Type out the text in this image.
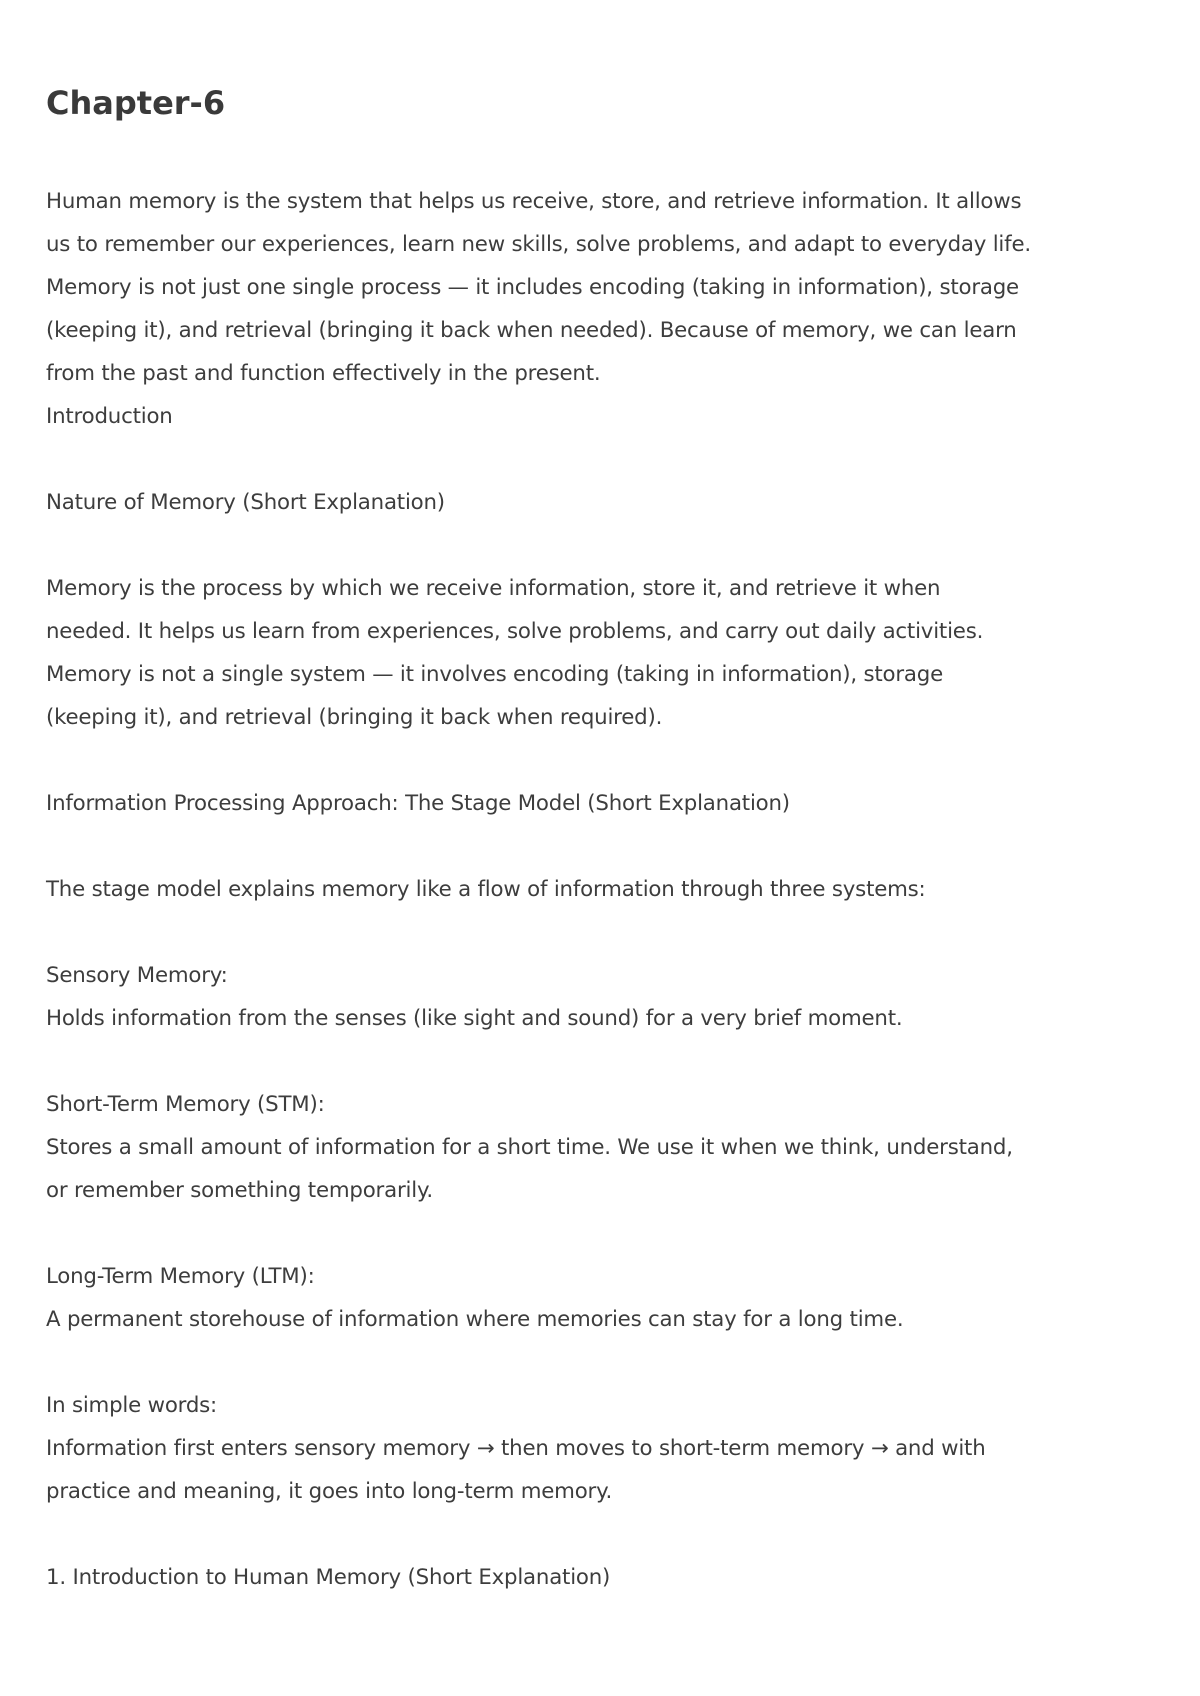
Chapter-6

Human memory is the system that helps us receive, store, and retrieve information. It allows

us to remember our experiences, learn new skills, solve problems, and adapt to everyday life.

Memory is not just one single process — it includes encoding (taking in information), storage

(keeping it), and retrieval (bringing it back when needed). Because of memory, we can learn

from the past and function effectively in the present.

Introduction

Nature of Memory (Short Explanation)

Memory is the process by which we receive information, store it, and retrieve it when

needed. It helps us learn from experiences, solve problems, and carry out daily activities.

Memory is not a single system — it involves encoding (taking in information), storage

(keeping it), and retrieval (bringing it back when required).

Information Processing Approach: The Stage Model (Short Explanation)

The stage model explains memory like a flow of information through three systems:

Sensory Memory:

Holds information from the senses (like sight and sound) for a very brief moment.

Short-Term Memory (STM):

Stores a small amount of information for a short time. We use it when we think, understand,

or remember something temporarily.

Long-Term Memory (LTM):

A permanent storehouse of information where memories can stay for a long time.

In simple words:

Information first enters sensory memory → then moves to short-term memory → and with

practice and meaning, it goes into long-term memory.

1. Introduction to Human Memory (Short Explanation)
